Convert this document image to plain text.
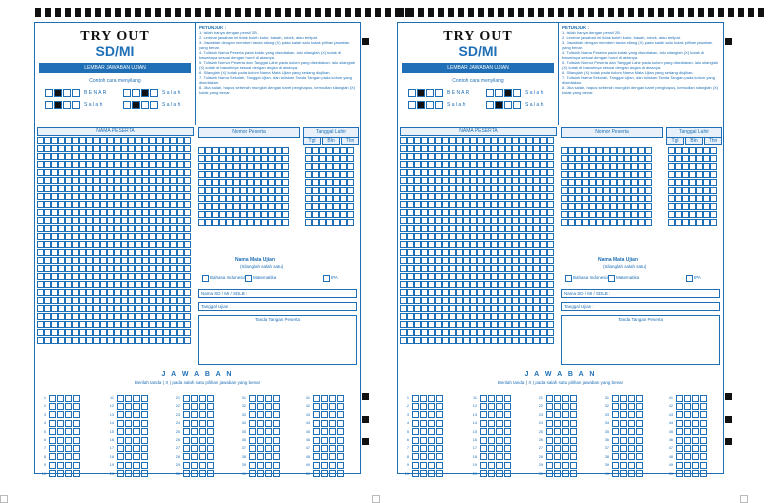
TRY OUT
SD/MI
LEMBAR JAWABAN UJIAN
Contoh cara menyilang
B E N A R	S a l a h
S a l a h	S a l a h
PETUNJUK :
1. Isilah hanya dengan pensil 2B.
2. Lembar jawaban ini tidak boleh kotor, basah, robek, atau terlipat.
3. Jawablah dengan memberi tanda silang (X) pada salah satu kotak pilihan jawaban yang benar.
4. Tulislah Nama Peserta pada kotak yang disediakan, lalu silanglah (X) kotak di bawahnya sesuai dengan huruf di atasnya.
5. Tulislah Nomor Peserta dan Tanggal Lahir pada kolom yang disediakan, lalu silanglah (X) kotak di bawahnya sesuai dengan angka di atasnya.
6. Silanglah (X) kotak pada kolom Nama Mata Ujian yang sedang diujikan.
7. Tulislah Nama Sekolah, Tanggal Ujian, dan tuliskan Tanda Tangan pada kolom yang disediakan.
8. Jika salah, hapus sebersih mungkin dengan karet penghapus, kemudian silanglah (X) kotak yang benar.
NAMA PESERTA	Nomor Peserta	Tanggal Lahir
Tgl	Bln	Thn
Nama Mata Ujian
(Silanglah salah satu)
Bahasa Indonesia Matematika	IPA
Nama SD / MI / SDLB :
Tanggal Ujian :
Tanda Tangan Peserta
J A W A B A N
Berilah tanda ( X ) pada salah satu pilihan jawaban yang benar
1
2
3
4
5
6
7
8
9
10
11
12
13
14
15
16
17
18
19
20
21
22
23
24
25
26
27
28
29
30
31
32
33
34
35
36
37
38
39
40
41
42
43
44
45
46
47
48
49
50
TRY OUT
SD/MI
LEMBAR JAWABAN UJIAN
Contoh cara menyilang
B E N A R	S a l a h
S a l a h	S a l a h
PETUNJUK :
1. Isilah hanya dengan pensil 2B.
2. Lembar jawaban ini tidak boleh kotor, basah, robek, atau terlipat.
3. Jawablah dengan memberi tanda silang (X) pada salah satu kotak pilihan jawaban yang benar.
4. Tulislah Nama Peserta pada kotak yang disediakan, lalu silanglah (X) kotak di bawahnya sesuai dengan huruf di atasnya.
5. Tulislah Nomor Peserta dan Tanggal Lahir pada kolom yang disediakan, lalu silanglah (X) kotak di bawahnya sesuai dengan angka di atasnya.
6. Silanglah (X) kotak pada kolom Nama Mata Ujian yang sedang diujikan.
7. Tulislah Nama Sekolah, Tanggal Ujian, dan tuliskan Tanda Tangan pada kolom yang disediakan.
8. Jika salah, hapus sebersih mungkin dengan karet penghapus, kemudian silanglah (X) kotak yang benar.
NAMA PESERTA	Nomor Peserta	Tanggal Lahir
Tgl	Bln	Thn
Nama Mata Ujian
(Silanglah salah satu)
Bahasa Indonesia Matematika	IPA
Nama SD / MI / SDLB :
Tanggal Ujian :
Tanda Tangan Peserta
J A W A B A N
Berilah tanda ( X ) pada salah satu pilihan jawaban yang benar
1
2
3
4
5
6
7
8
9
10
11
12
13
14
15
16
17
18
19
20
21
22
23
24
25
26
27
28
29
30
31
32
33
34
35
36
37
38
39
40
41
42
43
44
45
46
47
48
49
50
